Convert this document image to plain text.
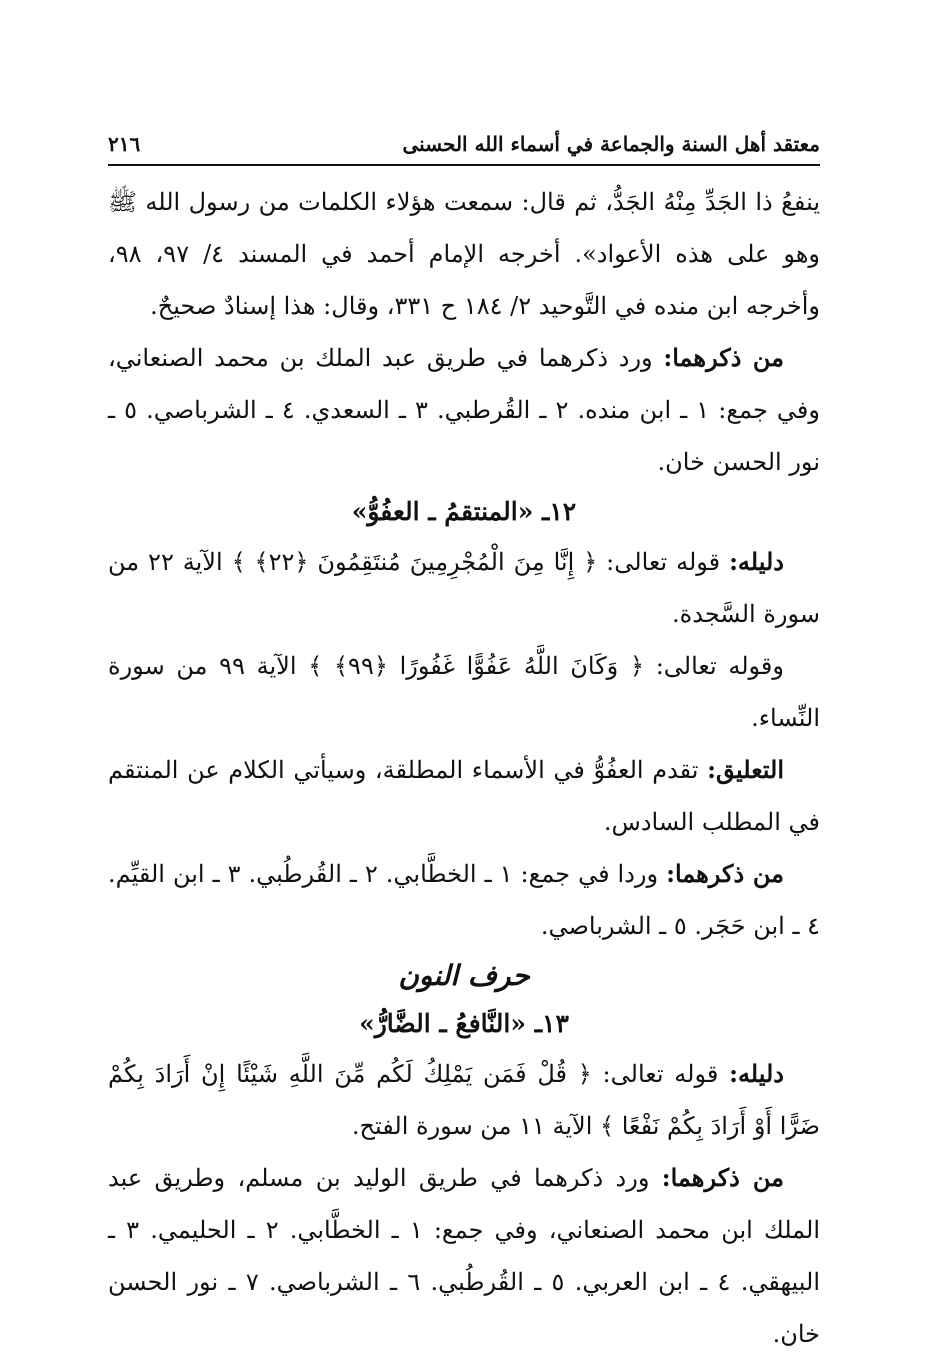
معتقد أهل السنة والجماعة في أسماء الله الحسنى
٢١٦

ينفعُ ذا الجَدِّ مِنْهُ الجَدُّ، ثم قال: سمعت هؤلاء الكلمات من رسول الله ﷺ وهو على هذه الأعواد». أخرجه الإمام أحمد في المسند ٤/ ٩٧، ٩٨، وأخرجه ابن منده في التَّوحيد ٢/ ١٨٤ ح ٣٣١، وقال: هذا إسنادٌ صحيحٌ.

من ذكرهما: ورد ذكرهما في طريق عبد الملك بن محمد الصنعاني، وفي جمع: ١ ـ ابن منده. ٢ ـ القُرطبي. ٣ ـ السعدي. ٤ ـ الشرباصي. ٥ ـ نور الحسن خان.

١٢ـ «المنتقمُ ـ العفُوُّ»

دليله: قوله تعالى: ﴿ إِنَّا مِنَ الْمُجْرِمِينَ مُنتَقِمُونَ ﴿٢٢﴾ ﴾ الآية ٢٢ من سورة السَّجدة.

وقوله تعالى: ﴿ وَكَانَ اللَّهُ عَفُوًّا غَفُورًا ﴿٩٩﴾ ﴾ الآية ٩٩ من سورة النِّساء.

التعليق: تقدم العفُوُّ في الأسماء المطلقة، وسيأتي الكلام عن المنتقم في المطلب السادس.

من ذكرهما: وردا في جمع: ١ ـ الخطَّابي. ٢ ـ القُرطُبي. ٣ ـ ابن القيِّم. ٤ ـ ابن حَجَر. ٥ ـ الشرباصي.

حرف النون
١٣ـ «النَّافعُ ـ الضَّارُّ»

دليله: قوله تعالى: ﴿ قُلْ فَمَن يَمْلِكُ لَكُم مِّنَ اللَّهِ شَيْئًا إِنْ أَرَادَ بِكُمْ ضَرًّا أَوْ أَرَادَ بِكُمْ نَفْعًا ﴾ الآية ١١ من سورة الفتح.

من ذكرهما: ورد ذكرهما في طريق الوليد بن مسلم، وطريق عبد الملك ابن محمد الصنعاني، وفي جمع: ١ ـ الخطَّابي. ٢ ـ الحليمي. ٣ ـ البيهقي. ٤ ـ ابن العربي. ٥ ـ القُرطُبي. ٦ ـ الشرباصي. ٧ ـ نور الحسن خان.
